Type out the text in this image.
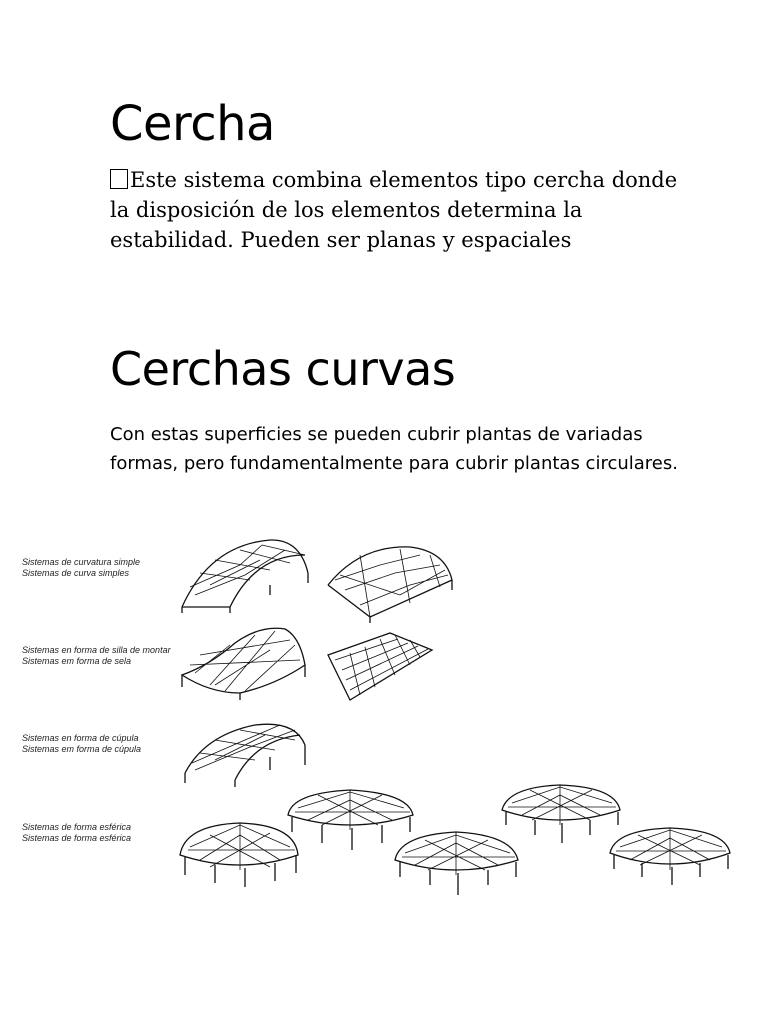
Cercha

Este sistema combina elementos tipo cercha donde la disposición de los elementos determina la estabilidad. Pueden ser planas y espaciales

Cerchas curvas

Con estas superficies se pueden cubrir plantas de variadas formas, pero fundamentalmente para cubrir plantas circulares.

Sistemas de curvatura simple
Sistemas de curva simples
Sistemas en forma de silla de montar
Sistemas em forma de sela
Sistemas en forma de cúpula
Sistemas em forma de cúpula
Sistemas de forma esférica
Sistemas de forma esférica
